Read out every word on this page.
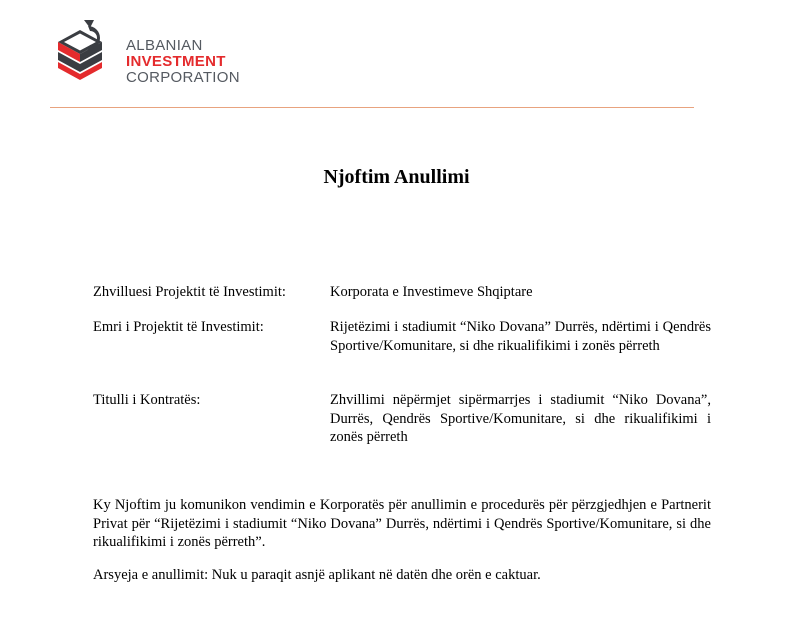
ALBANIAN
INVESTMENT
CORPORATION
Njoftim Anullimi
Zhvilluesi Projektit të Investimit:	Korporata e Investimeve Shqiptare
Emri i Projektit të Investimit:	Rijetëzimi i stadiumit “Niko Dovana” Durrës, ndërtimi i Qendrës Sportive/Komunitare, si dhe rikualifikimi i zonës përreth
Titulli i Kontratës:	Zhvillimi nëpërmjet sipërmarrjes i stadiumit “Niko Dovana”, Durrës, Qendrës Sportive/Komunitare, si dhe rikualifikimi i zonës përreth
Ky Njoftim ju komunikon vendimin e Korporatës për anullimin e procedurës për përzgjedhjen e Partnerit Privat për “Rijetëzimi i stadiumit “Niko Dovana” Durrës, ndërtimi i Qendrës Sportive/Komunitare, si dhe rikualifikimi i zonës përreth”.
Arsyeja e anullimit: Nuk u paraqit asnjë aplikant në datën dhe orën e caktuar.
